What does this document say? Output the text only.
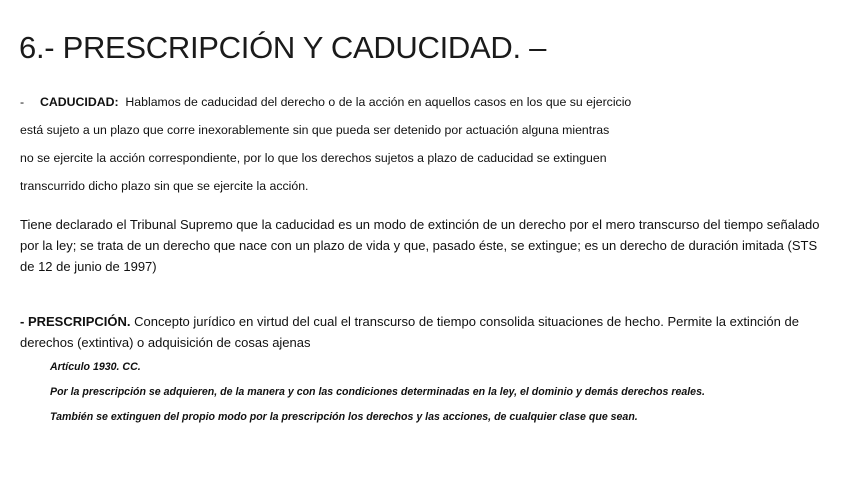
6.- PRESCRIPCIÓN Y CADUCIDAD. –
- CADUCIDAD: Hablamos de caducidad del derecho o de la acción en aquellos casos en los que su ejercicio
está sujeto a un plazo que corre inexorablemente sin que pueda ser detenido por actuación alguna mientras
no se ejercite la acción correspondiente, por lo que los derechos sujetos a plazo de caducidad se extinguen
transcurrido dicho plazo sin que se ejercite la acción.
Tiene declarado el Tribunal Supremo que la caducidad es un modo de extinción de un derecho por el mero transcurso del tiempo señalado por la ley; se trata de un derecho que nace con un plazo de vida y que, pasado éste, se extingue; es un derecho de duración imitada (STS de 12 de junio de 1997)
- PRESCRIPCIÓN. Concepto jurídico en virtud del cual el transcurso de tiempo consolida situaciones de hecho. Permite la extinción de derechos (extintiva) o adquisición de cosas ajenas
Artículo 1930. CC.
Por la prescripción se adquieren, de la manera y con las condiciones determinadas en la ley, el dominio y demás derechos reales.
También se extinguen del propio modo por la prescripción los derechos y las acciones, de cualquier clase que sean.
